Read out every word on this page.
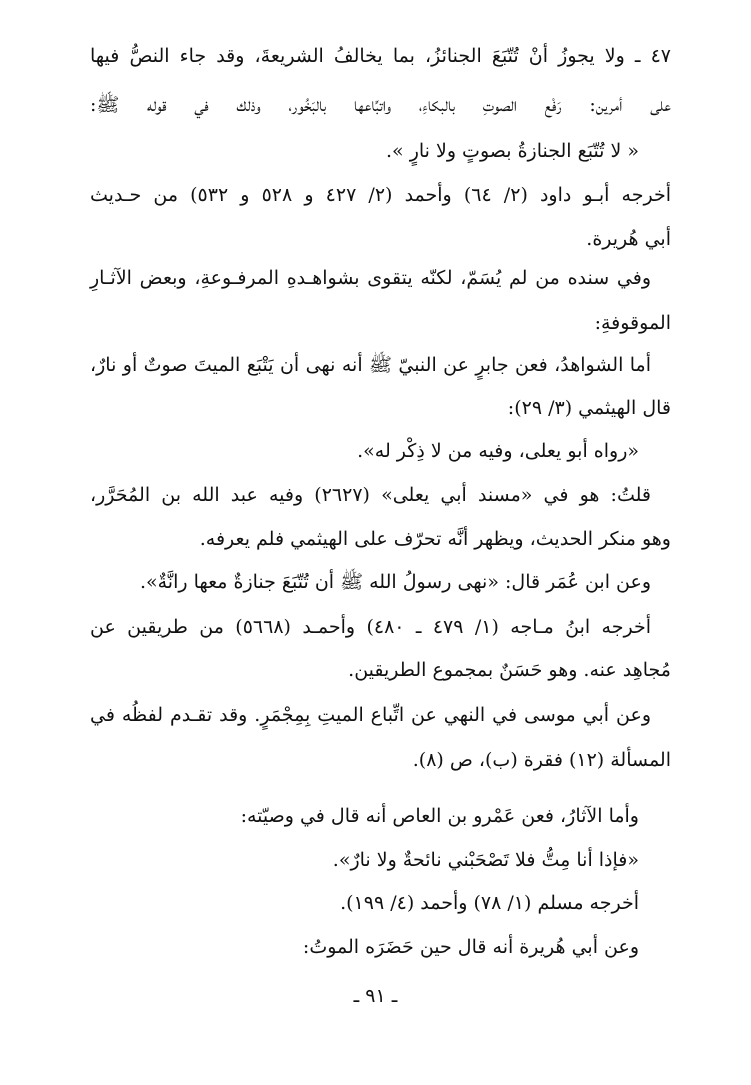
٤٧ ـ ولا يجوزُ أنْ تُتّبَعَ الجنائزُ، بما يخالفُ الشريعةَ، وقد جاء النصُّ فيها
على أمرين: رَفْع الصوتِ بالبكاءِ، واتبِّاعها بالبَخُور، وذلك في قوله ﷺ:
« لا تُتّبَع الجنازةُ بصوتٍ ولا نارٍ ».
أخرجه أبـو داود (٢/ ٦٤) وأحمد (٢/ ٤٢٧ و ٥٢٨ و ٥٣٢) من حـديث
أبي هُريرة.
وفي سنده من لم يُسَمّ، لكنّه يتقوى بشواهـدهِ المرفـوعةِ، وبعض الآثـارِ
الموقوفةِ:
أما الشواهدُ، فعن جابرٍ عن النبيّ ﷺ أنه نهى أن يَتْبَع الميتَ صوتٌ أو نارٌ،
قال الهيثمي (٣/ ٢٩):
«رواه أبو يعلى، وفيه من لا ذِكْر له».
قلتُ: هو في «مسند أبي يعلى» (٢٦٢٧) وفيه عبد الله بن المُحَرَّر،
وهو منكر الحديث، ويظهر أنَّه تحرّف على الهيثمي فلم يعرفه.
وعن ابن عُمَر قال: «نهى رسولُ الله ﷺ أن تُتّبَعَ جنازةٌ معها رانَّةٌ».
أخرجه ابنُ مـاجه (١/ ٤٧٩ ـ ٤٨٠) وأحمـد (٥٦٦٨) من طريقين عن
مُجاهِد عنه. وهو حَسَنٌ بمجموع الطريقين.
وعن أبي موسى في النهي عن اتِّباع الميتِ بِمِجْمَرٍ. وقد تقـدم لفظُه في
المسألة (١٢) فقرة (ب)، ص (٨).
وأما الآثارُ، فعن عَمْرو بن العاص أنه قال في وصيّته:
«فإذا أنا مِتُّ فلا تَصْحَبْني نائحةٌ ولا نارٌ».
أخرجه مسلم (١/ ٧٨) وأحمد (٤/ ١٩٩).
وعن أبي هُريرة أنه قال حين حَضَرَه الموتُ:
ـ ٩١ ـ
